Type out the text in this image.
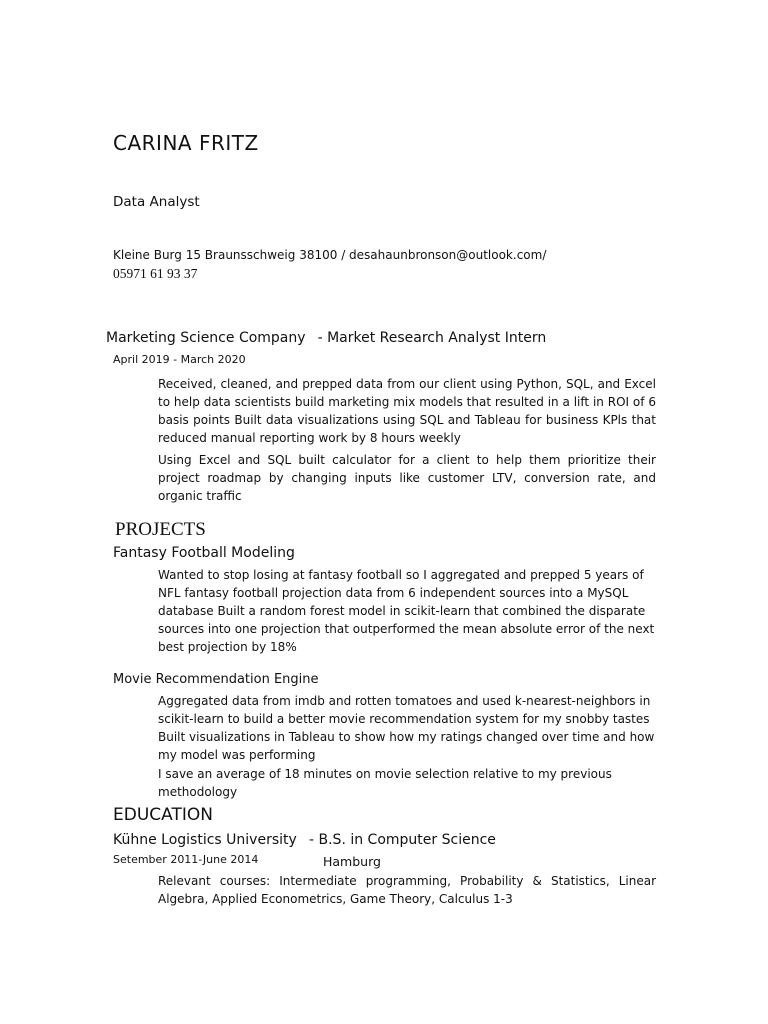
CARINA FRITZ
Data Analyst
Kleine Burg 15 Braunsschweig 38100 / desahaunbronson@outlook.com/
05971 61 93 37
Marketing Science Company - Market Research Analyst Intern
April 2019 - March 2020
Received, cleaned, and prepped data from our client using Python, SQL, and Excel to help data scientists build marketing mix models that resulted in a lift in ROI of 6 basis points Built data visualizations using SQL and Tableau for business KPls that reduced manual reporting work by 8 hours weekly
Using Excel and SQL built calculator for a client to help them prioritize their project roadmap by changing inputs like customer LTV, conversion rate, and organic traffic
PROJECTS
Fantasy Football Modeling
Wanted to stop losing at fantasy football so I aggregated and prepped 5 years of NFL fantasy football projection data from 6 independent sources into a MySQL database Built a random forest model in scikit-learn that combined the disparate sources into one projection that outperformed the mean absolute error of the next best projection by 18%
Movie Recommendation Engine
Aggregated data from imdb and rotten tomatoes and used k-nearest-neighbors in scikit-learn to build a better movie recommendation system for my snobby tastes Built visualizations in Tableau to show how my ratings changed over time and how my model was performing
I save an average of 18 minutes on movie selection relative to my previous methodology
EDUCATION
Kühne Logistics University - B.S. in Computer Science
Setember 2011-June 2014	Hamburg
Relevant courses: Intermediate programming, Probability & Statistics, Linear Algebra, Applied Econometrics, Game Theory, Calculus 1-3
